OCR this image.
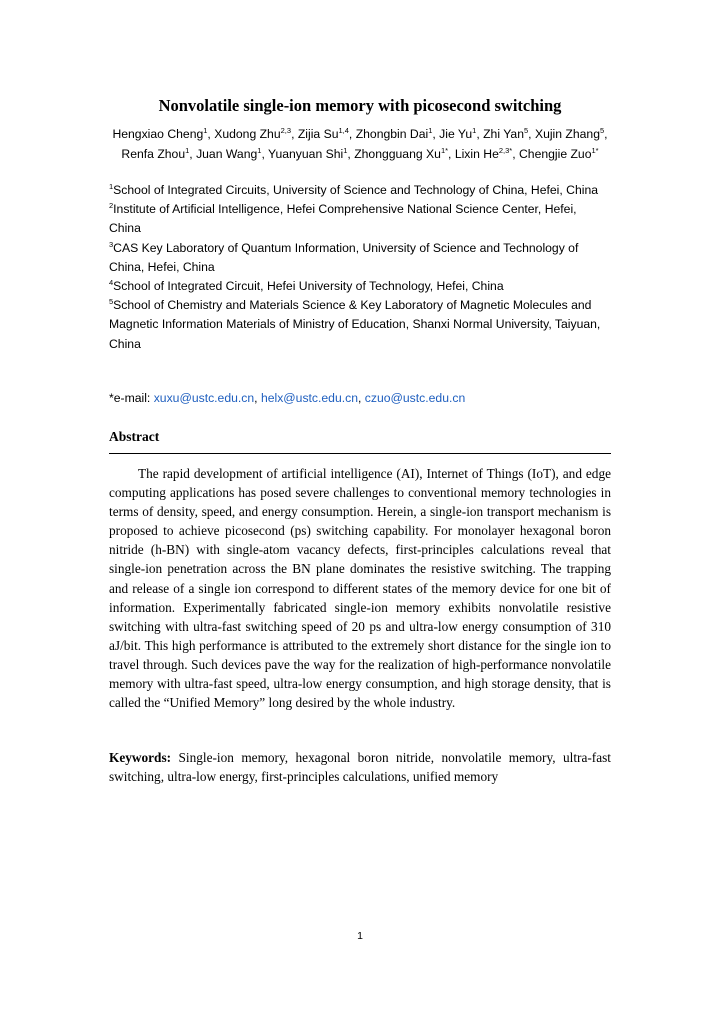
Nonvolatile single-ion memory with picosecond switching
Hengxiao Cheng$^1$, Xudong Zhu$^{2,3}$, Zijia Su$^{1,4}$, Zhongbin Dai$^1$, Jie Yu$^1$, Zhi Yan$^5$, Xujin Zhang$^5$, Renfa Zhou$^1$, Juan Wang$^1$, Yuanyuan Shi$^1$, Zhongguang $Xu^{1*}$, Lixin $He^{2,3*}$, Chengjie Zuo$^{1*}$
$^1$School of Integrated Circuits, University of Science and Technology of China, Hefei, China
$^2$Institute of Artificial Intelligence, Hefei Comprehensive National Science Center, Hefei, China
$^3$CAS Key Laboratory of Quantum Information, University of Science and Technology of China, Hefei, China
$^4$School of Integrated Circuit, Hefei University of Technology, Hefei, China
$^5$School of Chemistry and Materials Science & Key Laboratory of Magnetic Molecules and Magnetic Information Materials of Ministry of Education, Shanxi Normal University, Taiyuan, China
*e-mail: xuxu@ustc.edu.cn, helx@ustc.edu.cn, czuo@ustc.edu.cn
Abstract

The rapid development of artificial intelligence (AI), Internet of Things (IoT), and edge computing applications has posed severe challenges to conventional memory technologies in terms of density, speed, and energy consumption. Herein, a single-ion transport mechanism is proposed to achieve picosecond (ps) switching capability. For monolayer hexagonal boron nitride (h-BN) with single-atom vacancy defects, first-principles calculations reveal that single-ion penetration across the BN plane dominates the resistive switching. The trapping and release of a single ion correspond to different states of the memory device for one bit of information. Experimentally fabricated single-ion memory exhibits nonvolatile resistive switching with ultra-fast switching speed of 20 ps and ultra-low energy consumption of 310 aJ/bit. This high performance is attributed to the extremely short distance for the single ion to travel through. Such devices pave the way for the realization of high-performance nonvolatile memory with ultra-fast speed, ultra-low energy consumption, and high storage density, that is called the “Unified Memory” long desired by the whole industry.

Keywords: Single-ion memory, hexagonal boron nitride, nonvolatile memory, ultra-fast switching, ultra-low energy, first-principles calculations, unified memory

1
